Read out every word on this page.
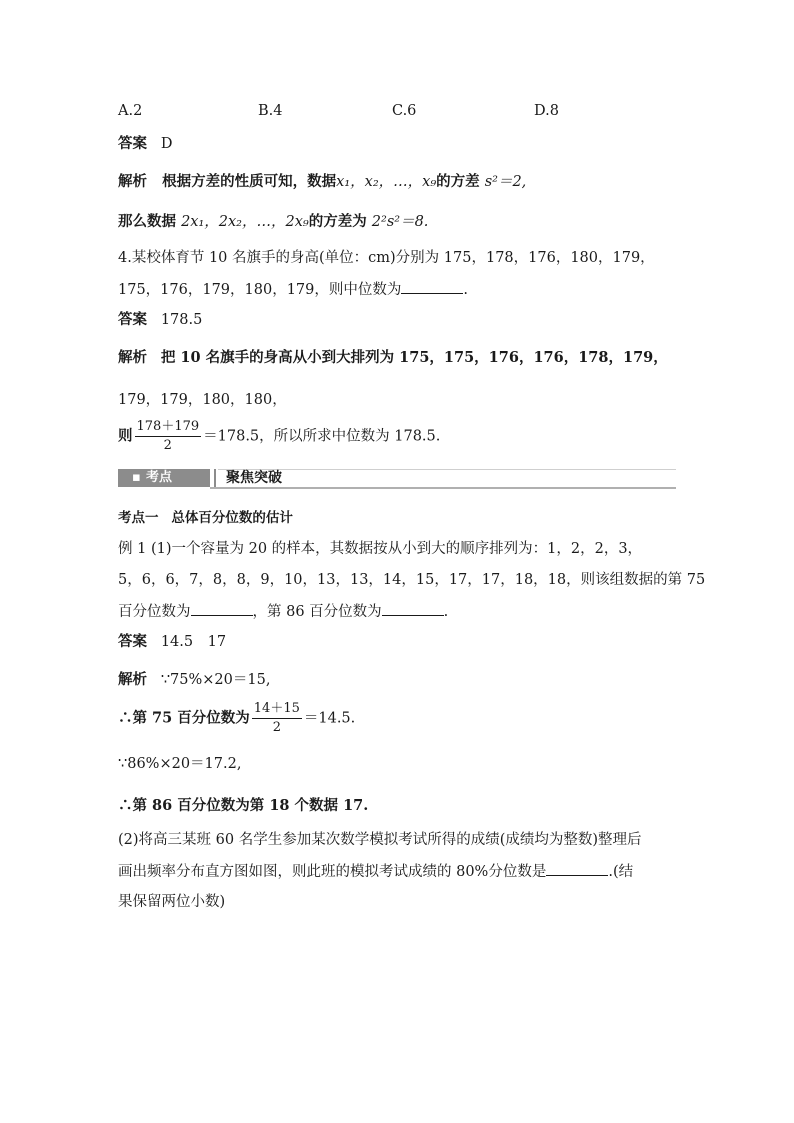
A.2	B.4	C.6	D.8
答案 D
解析 根据方差的性质可知，数据x₁，x₂，…，x₉的方差 s²＝2,
那么数据 2x₁，2x₂，…，2x₉的方差为 2²s²＝8.
4.某校体育节 10 名旗手的身高(单位：cm)分别为 175，178，176，180，179，
175，176，179，180，179，则中位数为	.
答案 178.5
解析 把 10 名旗手的身高从小到大排列为 175，175，176，176，178，179，
179，179，180，180，
则 $\frac{178+179}{2} =178.5$，所以所求中位数为 178.5.
▪ 考点	聚焦突破
考点一 总体百分位数的估计
例 1 (1)一个容量为 20 的样本，其数据按从小到大的顺序排列为：1，2，2，3，
5，6，6，7，8，8，9，10，13，13，14，15，17，17，18，18，则该组数据的第 75
百分位数为	，第 86 百分位数为	.
答案 14.5　17
解析 ∵75%×20＝15,
∴第 75 百分位数为 $\frac{14+15}{2} =14.5$.
∵86%×20＝17.2,
∴第 86 百分位数为第 18 个数据 17.
(2)将高三某班 60 名学生参加某次数学模拟考试所得的成绩(成绩均为整数)整理后
画出频率分布直方图如图，则此班的模拟考试成绩的 80%分位数是	.(结
果保留两位小数)
